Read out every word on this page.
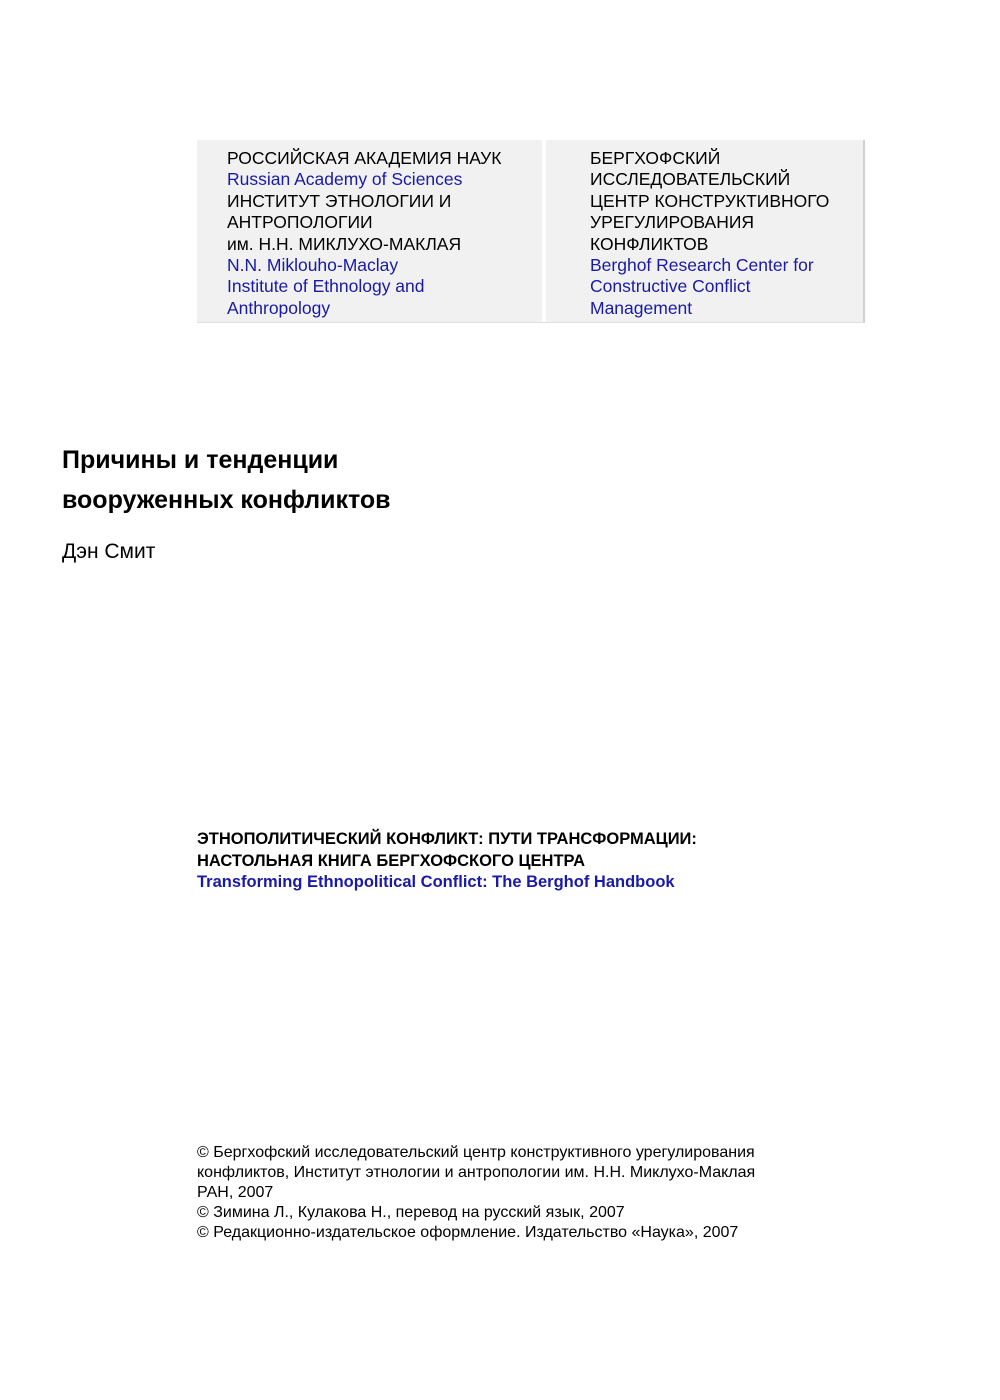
РОССИЙСКАЯ АКАДЕМИЯ НАУК
Russian Academy of Sciences
ИНСТИТУТ ЭТНОЛОГИИ И
АНТРОПОЛОГИИ
им. Н.Н. МИКЛУХО-МАКЛАЯ
N.N. Miklouho-Maclay
Institute of Ethnology and
Anthropology
БЕРГХОФСКИЙ
ИССЛЕДОВАТЕЛЬСКИЙ
ЦЕНТР КОНСТРУКТИВНОГО
УРЕГУЛИРОВАНИЯ
КОНФЛИКТОВ
Berghof Research Center for
Constructive Conflict
Management
Причины и тенденции
вооруженных конфликтов
Дэн Смит
ЭТНОПОЛИТИЧЕСКИЙ КОНФЛИКТ: ПУТИ ТРАНСФОРМАЦИИ:
НАСТОЛЬНАЯ КНИГА БЕРГХОФСКОГО ЦЕНТРА
Transforming Ethnopolitical Conflict: The Berghof Handbook
© Бергхофский исследовательский центр конструктивного урегулирования
конфликтов, Институт этнологии и антропологии им. Н.Н. Миклухо-Маклая
РАН, 2007
© Зимина Л., Кулакова Н., перевод на русский язык, 2007
© Редакционно-издательское оформление. Издательство «Наука», 2007
